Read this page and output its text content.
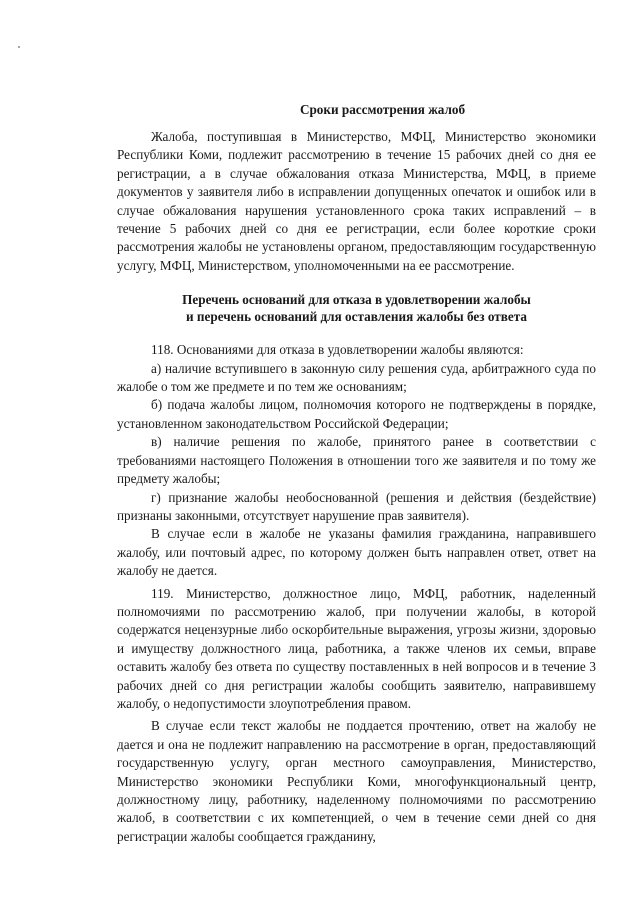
Сроки рассмотрения жалоб

Жалоба, поступившая в Министерство, МФЦ, Министерство экономики Республики Коми, подлежит рассмотрению в течение 15 рабочих дней со дня ее регистрации, а в случае обжалования отказа Министерства, МФЦ, в приеме документов у заявителя либо в исправлении допущенных опечаток и ошибок или в случае обжалования нарушения установленного срока таких исправлений – в течение 5 рабочих дней со дня ее регистрации, если более короткие сроки рассмотрения жалобы не установлены органом, предоставляющим государственную услугу, МФЦ, Министерством, уполномоченными на ее рассмотрение.

Перечень оснований для отказа в удовлетворении жалобы
и перечень оснований для оставления жалобы без ответа

118. Основаниями для отказа в удовлетворении жалобы являются:

а) наличие вступившего в законную силу решения суда, арбитражного суда по жалобе о том же предмете и по тем же основаниям;

б) подача жалобы лицом, полномочия которого не подтверждены в порядке, установленном законодательством Российской Федерации;

в) наличие решения по жалобе, принятого ранее в соответствии с требованиями настоящего Положения в отношении того же заявителя и по тому же предмету жалобы;

г) признание жалобы необоснованной (решения и действия (бездействие) признаны законными, отсутствует нарушение прав заявителя).

В случае если в жалобе не указаны фамилия гражданина, направившего жалобу, или почтовый адрес, по которому должен быть направлен ответ, ответ на жалобу не дается.

119. Министерство, должностное лицо, МФЦ, работник, наделенный полномочиями по рассмотрению жалоб, при получении жалобы, в которой содержатся нецензурные либо оскорбительные выражения, угрозы жизни, здоровью и имуществу должностного лица, работника, а также членов их семьи, вправе оставить жалобу без ответа по существу поставленных в ней вопросов и в течение 3 рабочих дней со дня регистрации жалобы сообщить заявителю, направившему жалобу, о недопустимости злоупотребления правом.

В случае если текст жалобы не поддается прочтению, ответ на жалобу не дается и она не подлежит направлению на рассмотрение в орган, предоставляющий государственную услугу, орган местного самоуправления, Министерство, Министерство экономики Республики Коми, многофункциональный центр, должностному лицу, работнику, наделенному полномочиями по рассмотрению жалоб, в соответствии с их компетенцией, о чем в течение семи дней со дня регистрации жалобы сообщается гражданину,
